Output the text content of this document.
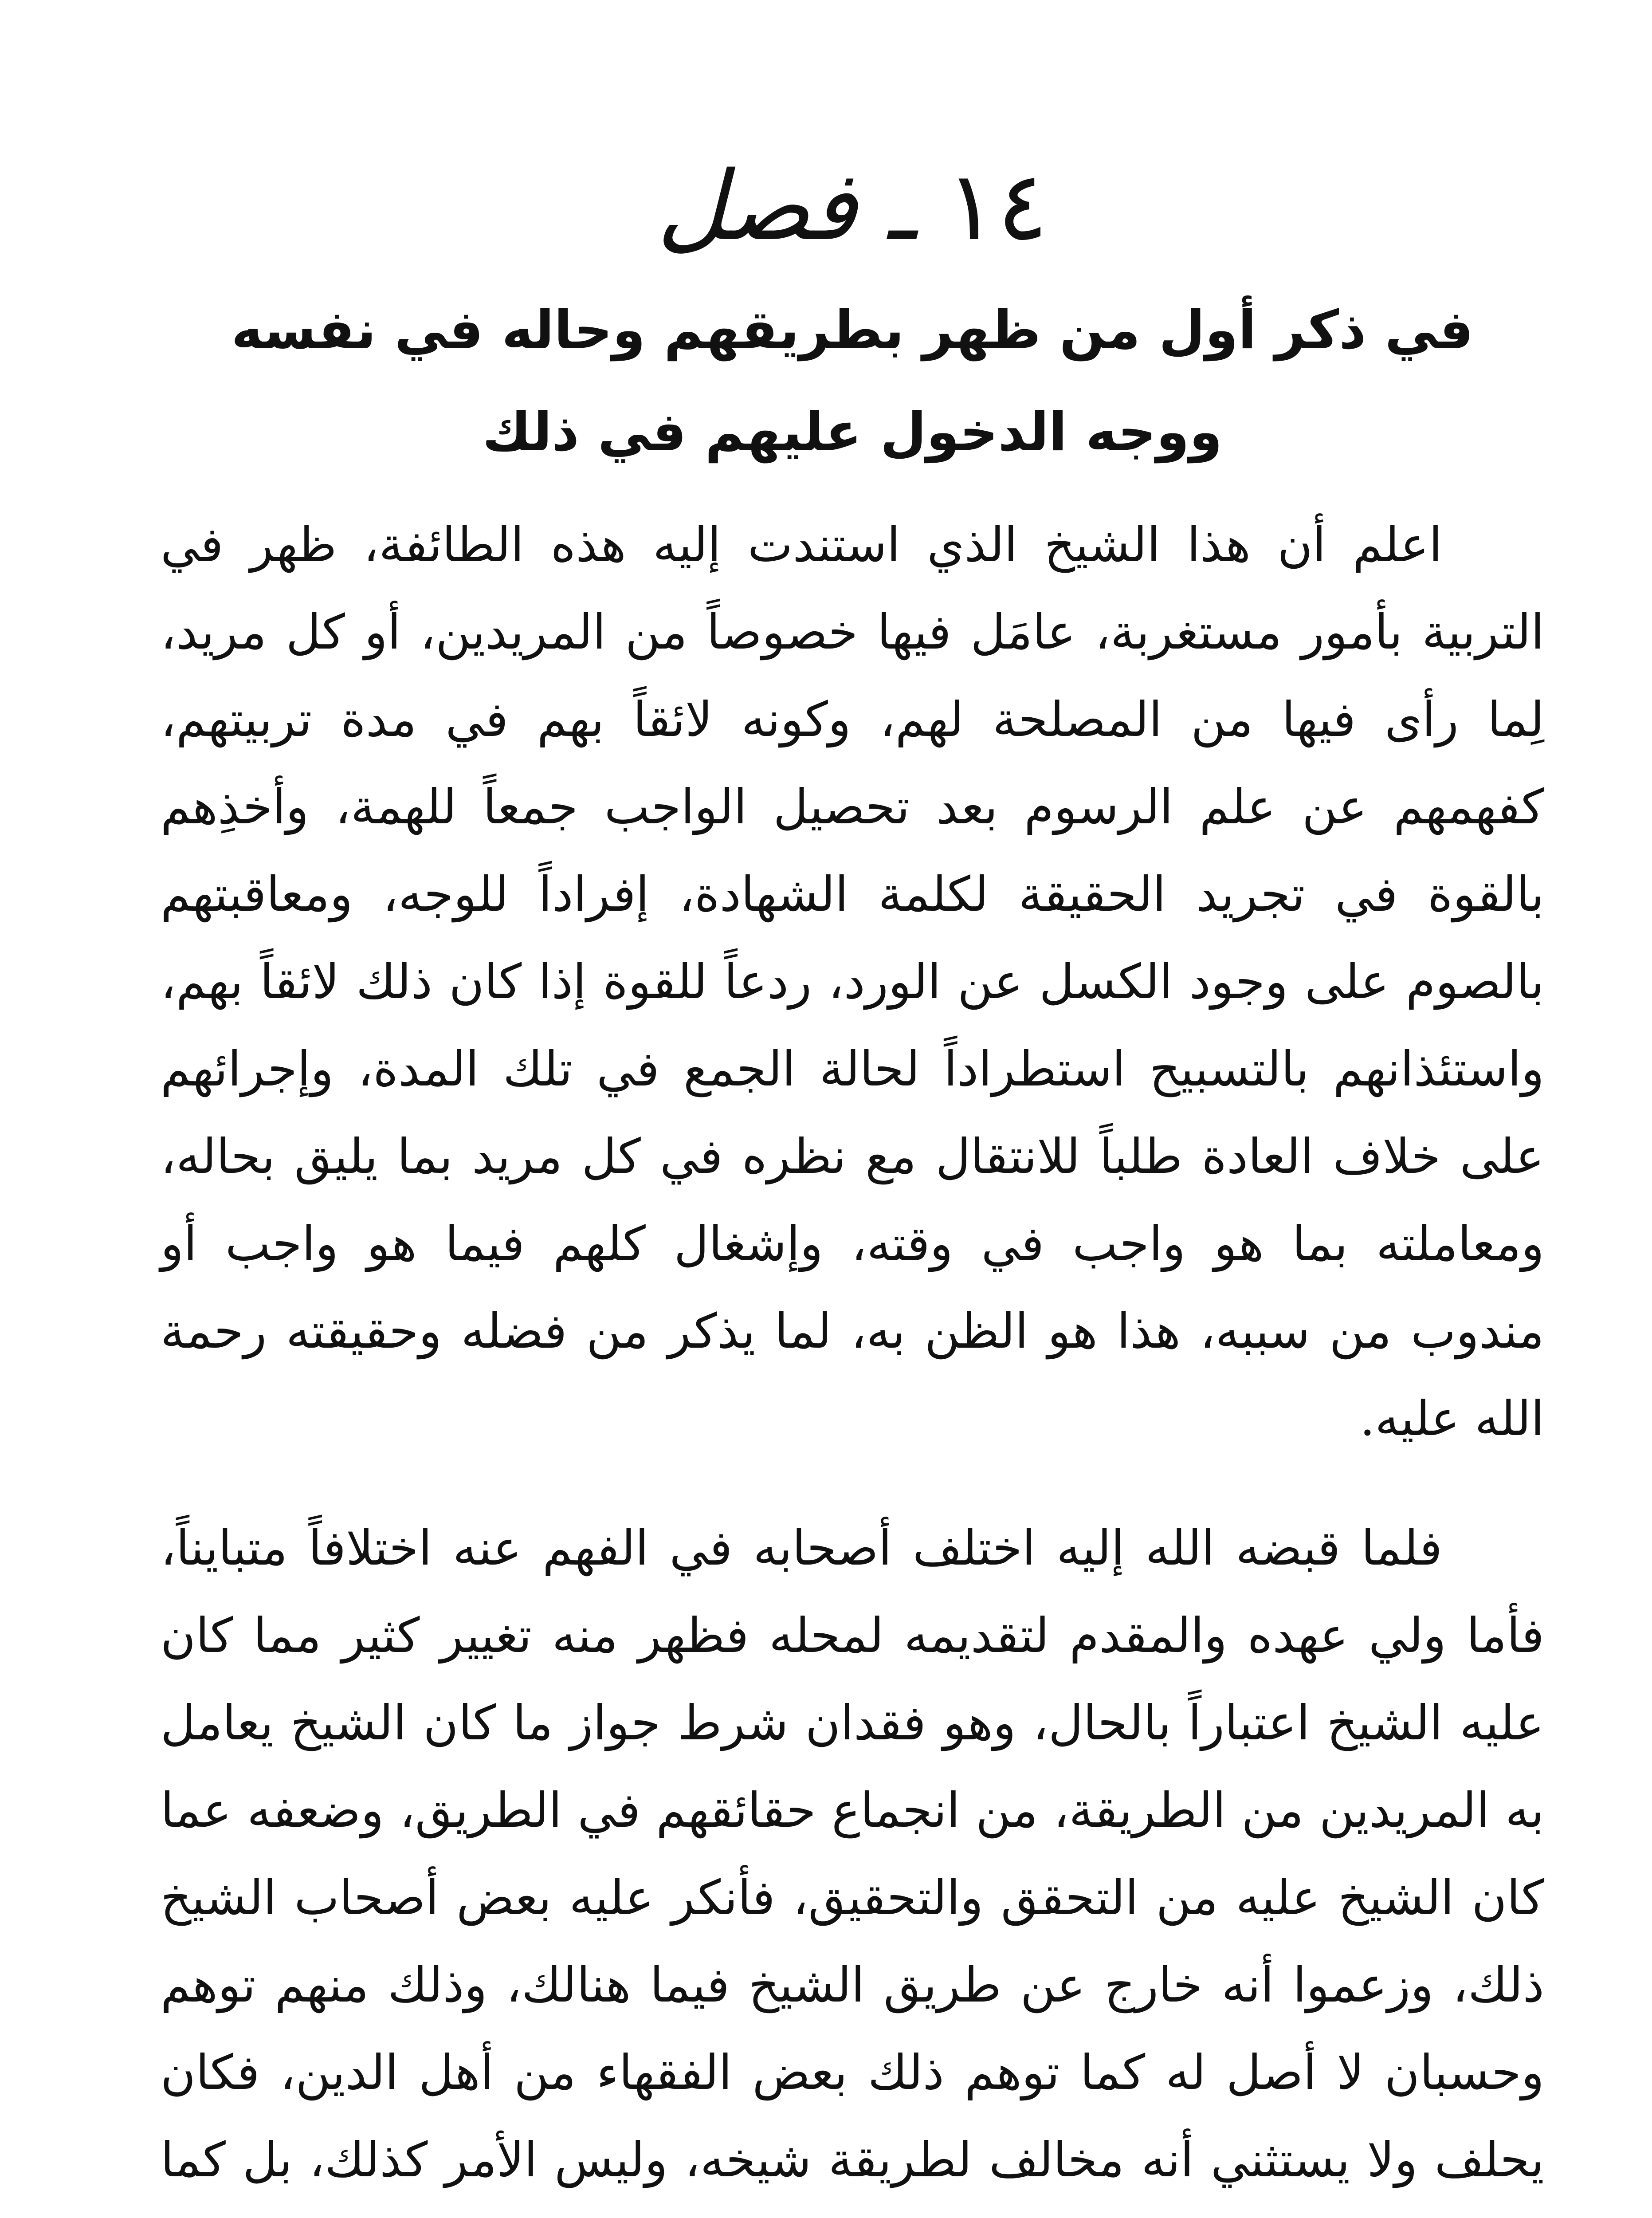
١٤ ـ فصل
في ذكر أول من ظهر بطريقهم وحاله في نفسه
ووجه الدخول عليهم في ذلك

اعلم أن هذا الشيخ الذي استندت إليه هذه الطائفة، ظهر في التربية بأمور مستغربة، عامَل فيها خصوصاً من المريدين، أو كل مريد، لِما رأى فيها من المصلحة لهم، وكونه لائقاً بهم في مدة تربيتهم، كفهمهم عن علم الرسوم بعد تحصيل الواجب جمعاً للهمة، وأخذِهم بالقوة في تجريد الحقيقة لكلمة الشهادة، إفراداً للوجه، ومعاقبتهم بالصوم على وجود الكسل عن الورد، ردعاً للقوة إذا كان ذلك لائقاً بهم، واستئذانهم بالتسبيح استطراداً لحالة الجمع في تلك المدة، وإجرائهم على خلاف العادة طلباً للانتقال مع نظره في كل مريد بما يليق بحاله، ومعاملته بما هو واجب في وقته، وإشغال كلهم فيما هو واجب أو مندوب من سببه، هذا هو الظن به، لما يذكر من فضله وحقيقته رحمة الله عليه.

فلما قبضه الله إليه اختلف أصحابه في الفهم عنه اختلافاً متبايناً، فأما ولي عهده والمقدم لتقديمه لمحله فظهر منه تغيير كثير مما كان عليه الشيخ اعتباراً بالحال، وهو فقدان شرط جواز ما كان الشيخ يعامل به المريدين من الطريقة، من انجماع حقائقهم في الطريق، وضعفه عما كان الشيخ عليه من التحقق والتحقيق، فأنكر عليه بعض أصحاب الشيخ ذلك، وزعموا أنه خارج عن طريق الشيخ فيما هنالك، وذلك منهم توهم وحسبان لا أصل له كما توهم ذلك بعض الفقهاء من أهل الدين، فكان يحلف ولا يستثني أنه مخالف لطريقة شيخه، وليس الأمر كذلك، بل كما
